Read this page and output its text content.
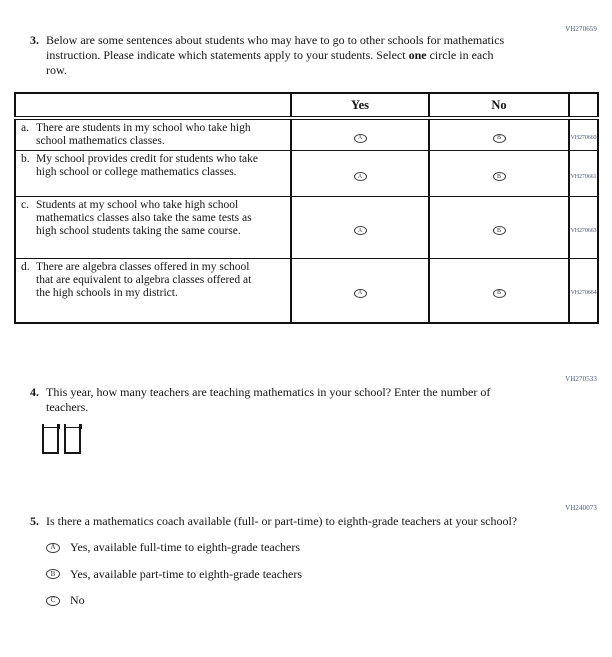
VH270659
3. Below are some sentences about students who may have to go to other schools for mathematics instruction. Please indicate which statements apply to your students. Select one circle in each row.
	Yes	No	

a. There are students in my school who take high school mathematics classes.	A	B	VH270660

b. My school provides credit for students who take high school or college mathematics classes.	A	B	VH270661

c. Students at my school who take high school mathematics classes also take the same tests as high school students taking the same course.	A	B	VH270663

d. There are algebra classes offered in my school that are equivalent to algebra classes offered at the high schools in my district.	A	B	VH270664
VH270533
4. This year, how many teachers are teaching mathematics in your school? Enter the number of teachers.
VH240073
5. Is there a mathematics coach available (full- or part-time) to eighth-grade teachers at your school?
A Yes, available full-time to eighth-grade teachers
B Yes, available part-time to eighth-grade teachers
C No
